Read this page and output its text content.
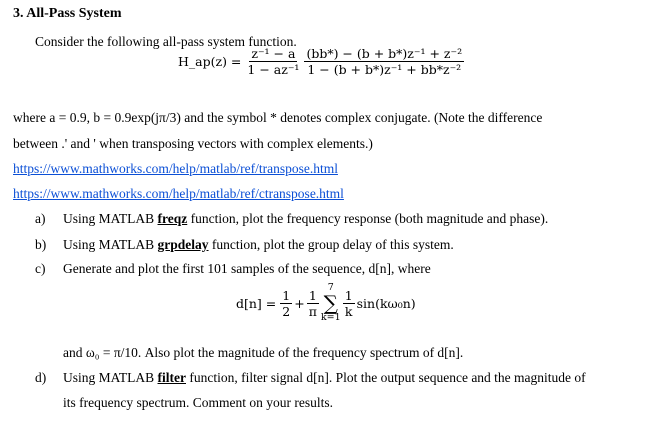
3. All-Pass System
Consider the following all-pass system function.
H_ap(z) = $\frac{\text{z⁻¹ − a}}{\text{1 − az⁻¹}} \frac{\text{(bb*) − (b + b*)z⁻¹ + z⁻²}}{\text{1 − (b + b*)z⁻¹ + bb*z⁻²}}$
where a = 0.9, b = 0.9exp(jπ/3) and the symbol * denotes complex conjugate. (Note the difference
between .' and ' when transposing vectors with complex elements.)
https://www.mathworks.com/help/matlab/ref/transpose.html
https://www.mathworks.com/help/matlab/ref/ctranspose.html
a) Using MATLAB freqz function, plot the frequency response (both magnitude and phase).
b) Using MATLAB grpdelay function, plot the group delay of this system.
c) Generate and plot the first 101 samples of the sequence, d[n], where
$d[n] = \frac{1}{2} + \frac{1}{\pi} 7$
∑
$k=1 \frac{1}{k} \sin(k\omega_0n)$
and ω₀ = π/10. Also plot the magnitude of the frequency spectrum of d[n].
d) Using MATLAB filter function, filter signal d[n]. Plot the output sequence and the magnitude of
its frequency spectrum. Comment on your results.
